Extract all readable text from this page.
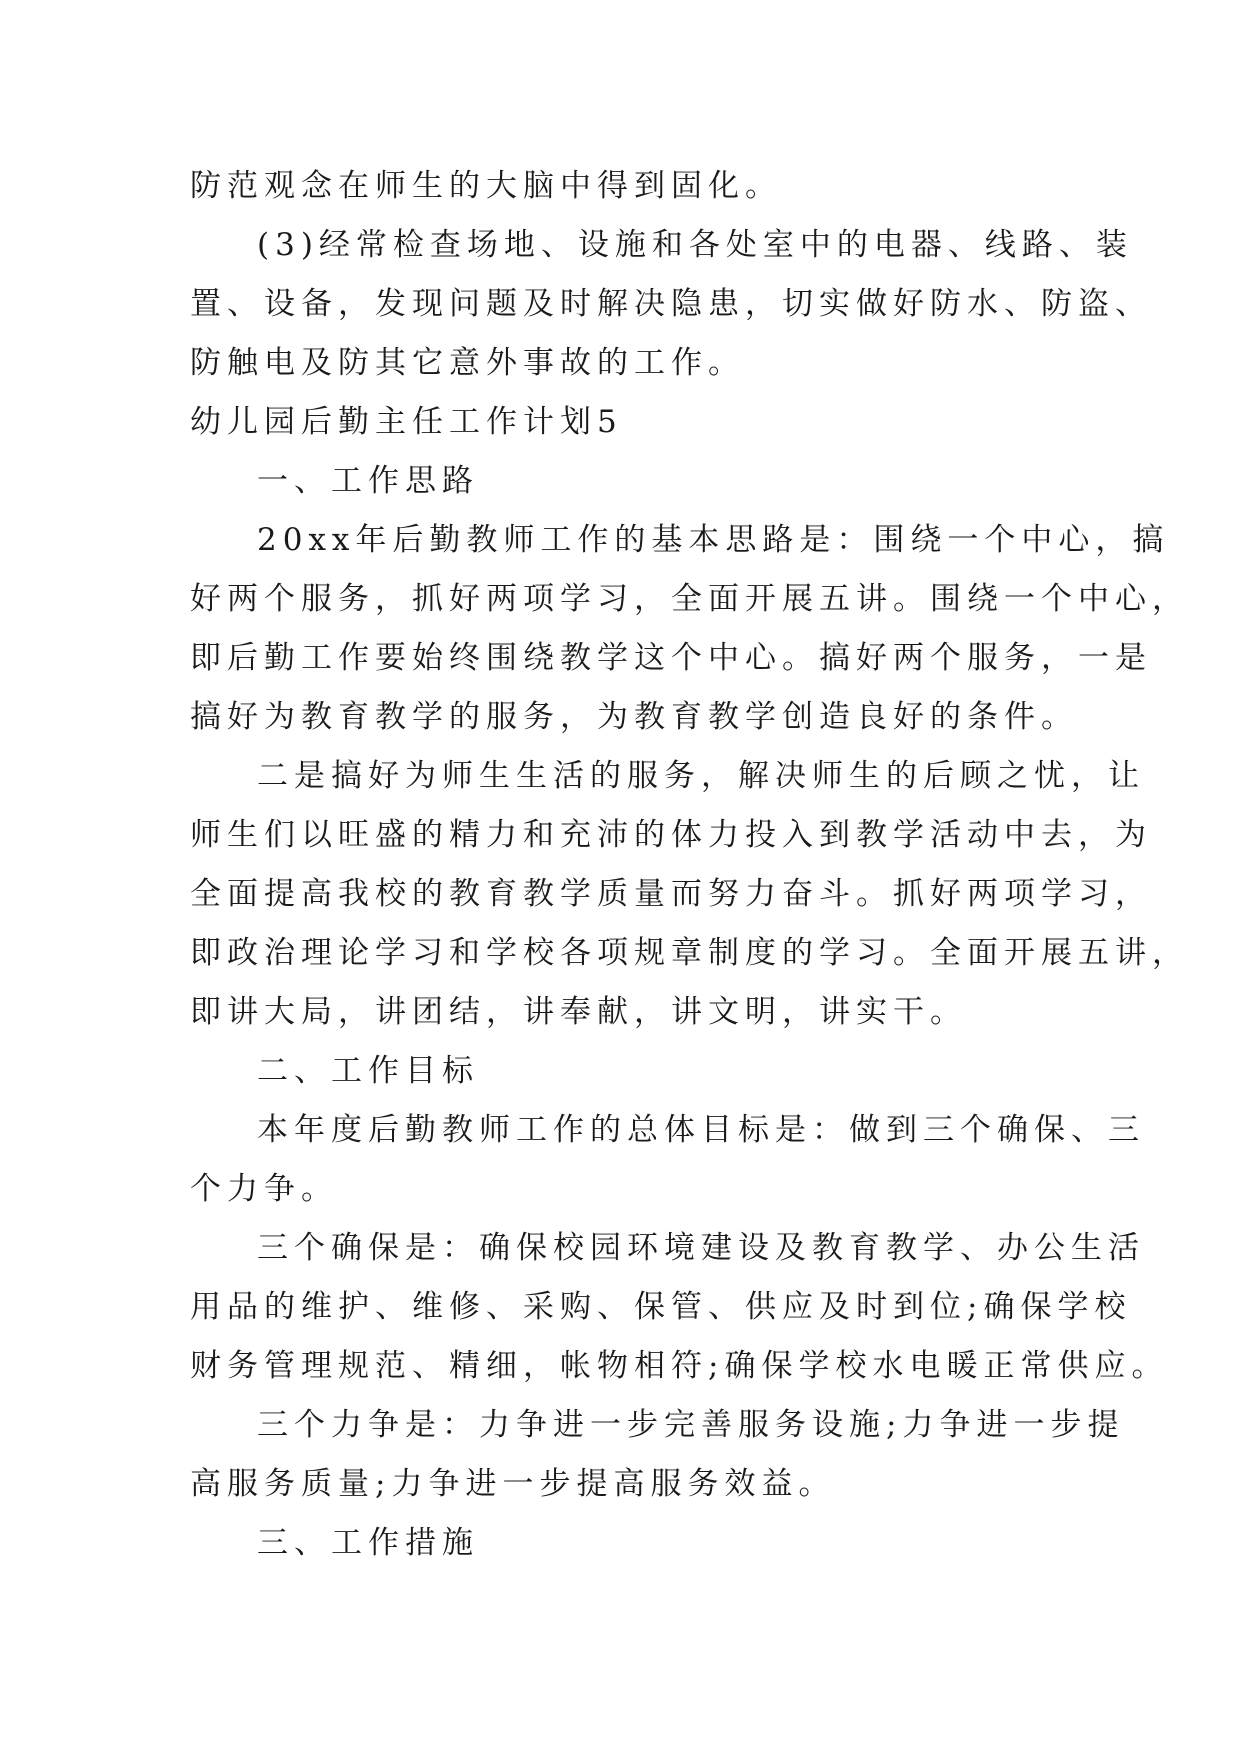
防范观念在师生的大脑中得到固化。
(3)经常检查场地、设施和各处室中的电器、线路、装
置、设备，发现问题及时解决隐患，切实做好防水、防盗、
防触电及防其它意外事故的工作。
幼儿园后勤主任工作计划5
一、工作思路
20xx年后勤教师工作的基本思路是：围绕一个中心，搞
好两个服务，抓好两项学习，全面开展五讲。围绕一个中心，
即后勤工作要始终围绕教学这个中心。搞好两个服务，一是
搞好为教育教学的服务，为教育教学创造良好的条件。
二是搞好为师生生活的服务，解决师生的后顾之忧，让
师生们以旺盛的精力和充沛的体力投入到教学活动中去，为
全面提高我校的教育教学质量而努力奋斗。抓好两项学习，
即政治理论学习和学校各项规章制度的学习。全面开展五讲，
即讲大局，讲团结，讲奉献，讲文明，讲实干。
二、工作目标
本年度后勤教师工作的总体目标是：做到三个确保、三
个力争。
三个确保是：确保校园环境建设及教育教学、办公生活
用品的维护、维修、采购、保管、供应及时到位;确保学校
财务管理规范、精细，帐物相符;确保学校水电暖正常供应。
三个力争是：力争进一步完善服务设施;力争进一步提
高服务质量;力争进一步提高服务效益。
三、工作措施
